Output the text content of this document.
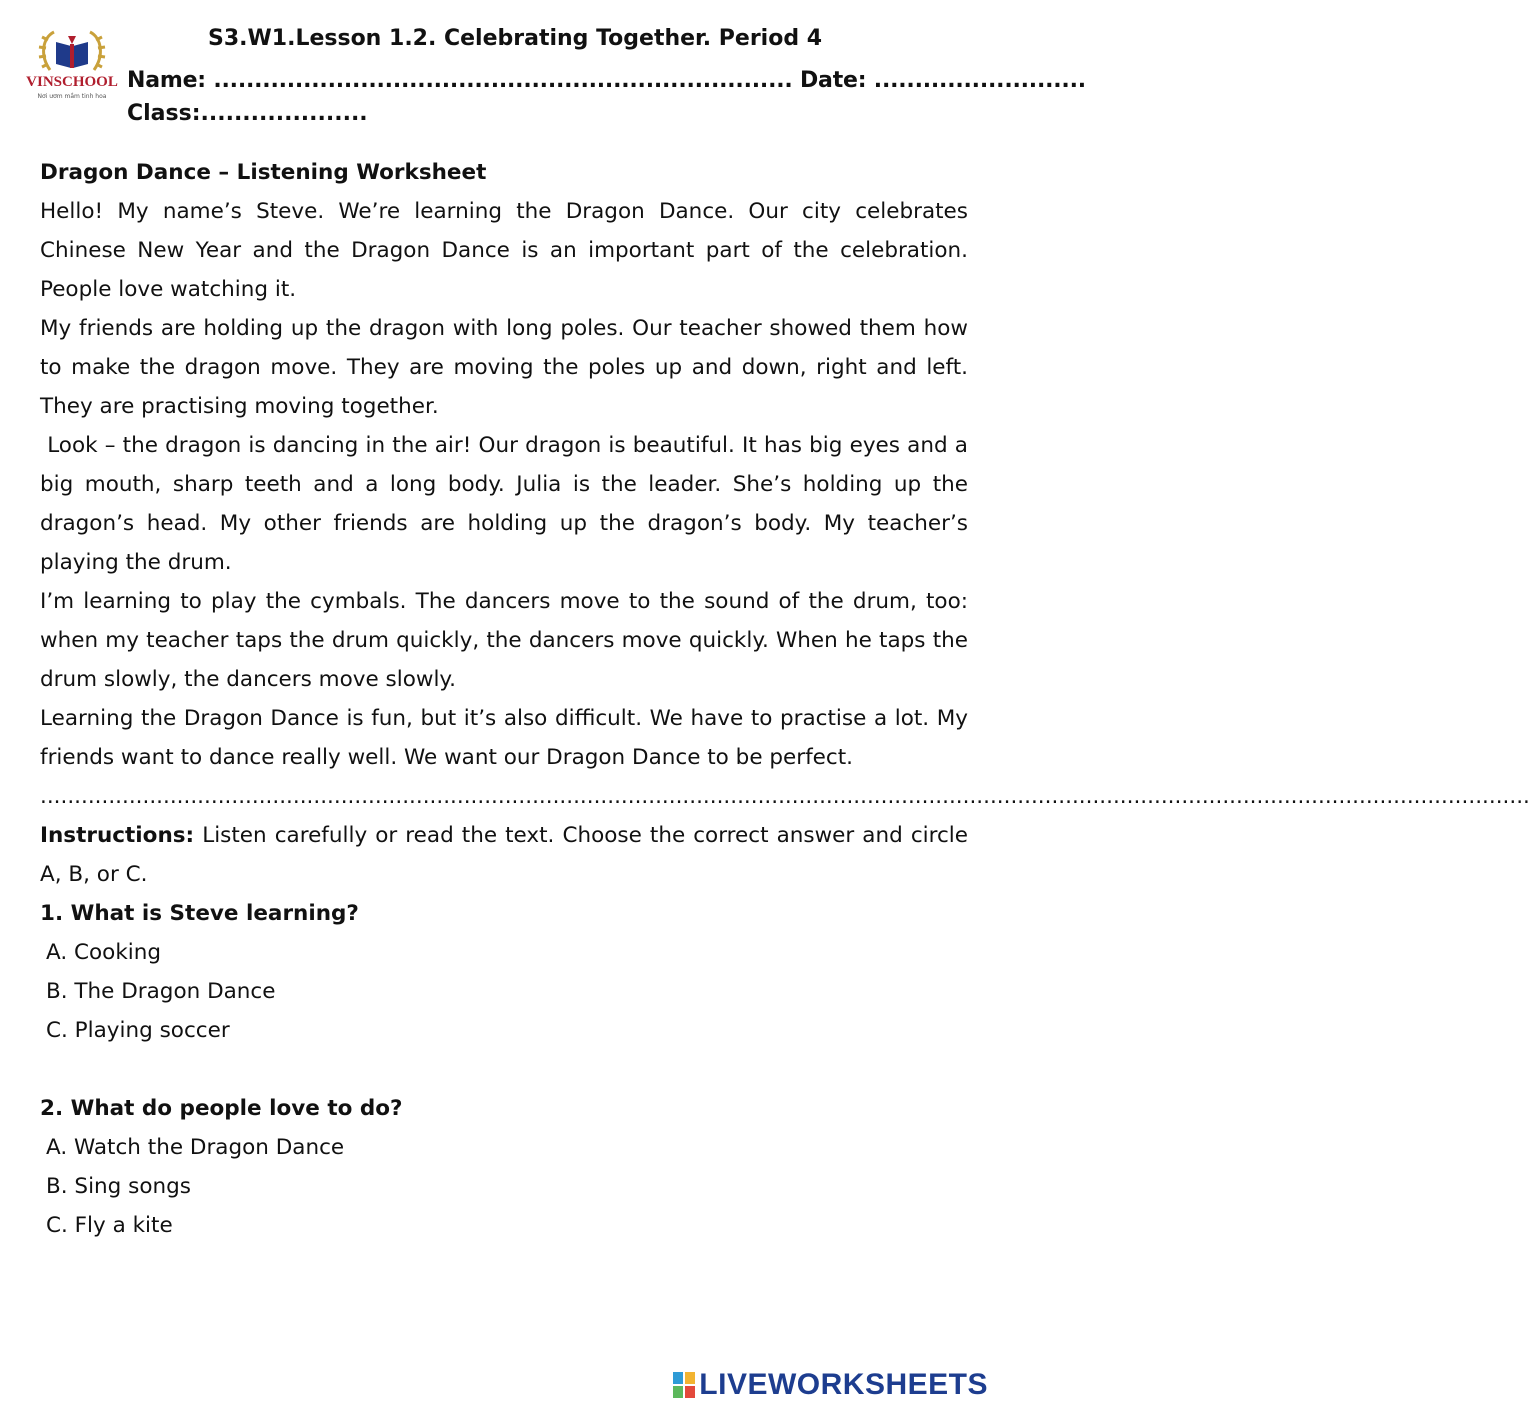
VINSCHOOL
Nơi ươm mầm tinh hoa
S3.W1.Lesson 1.2. Celebrating Together. Period 4
Name: ....................................................................... Date: ..........................
Class:....................

Dragon Dance – Listening Worksheet

Hello! My name’s Steve. We’re learning the Dragon Dance. Our city celebrates Chinese New Year and the Dragon Dance is an important part of the celebration. People love watching it.

My friends are holding up the dragon with long poles. Our teacher showed them how to make the dragon move. They are moving the poles up and down, right and left. They are practising moving together.

Look – the dragon is dancing in the air! Our dragon is beautiful. It has big eyes and a big mouth, sharp teeth and a long body. Julia is the leader. She’s holding up the dragon’s head. My other friends are holding up the dragon’s body. My teacher’s playing the drum.

I’m learning to play the cymbals. The dancers move to the sound of the drum, too: when my teacher taps the drum quickly, the dancers move quickly. When he taps the drum slowly, the dancers move slowly.

Learning the Dragon Dance is fun, but it’s also difficult. We have to practise a lot. My friends want to dance really well. We want our Dragon Dance to be perfect.

..........................................................................................................................................................................................................................

Instructions: Listen carefully or read the text. Choose the correct answer and circle A, B, or C.

1. What is Steve learning?

A. Cooking

B. The Dragon Dance

C. Playing soccer

2. What do people love to do?

A. Watch the Dragon Dance

B. Sing songs

C. Fly a kite

LIVEWORKSHEETS
